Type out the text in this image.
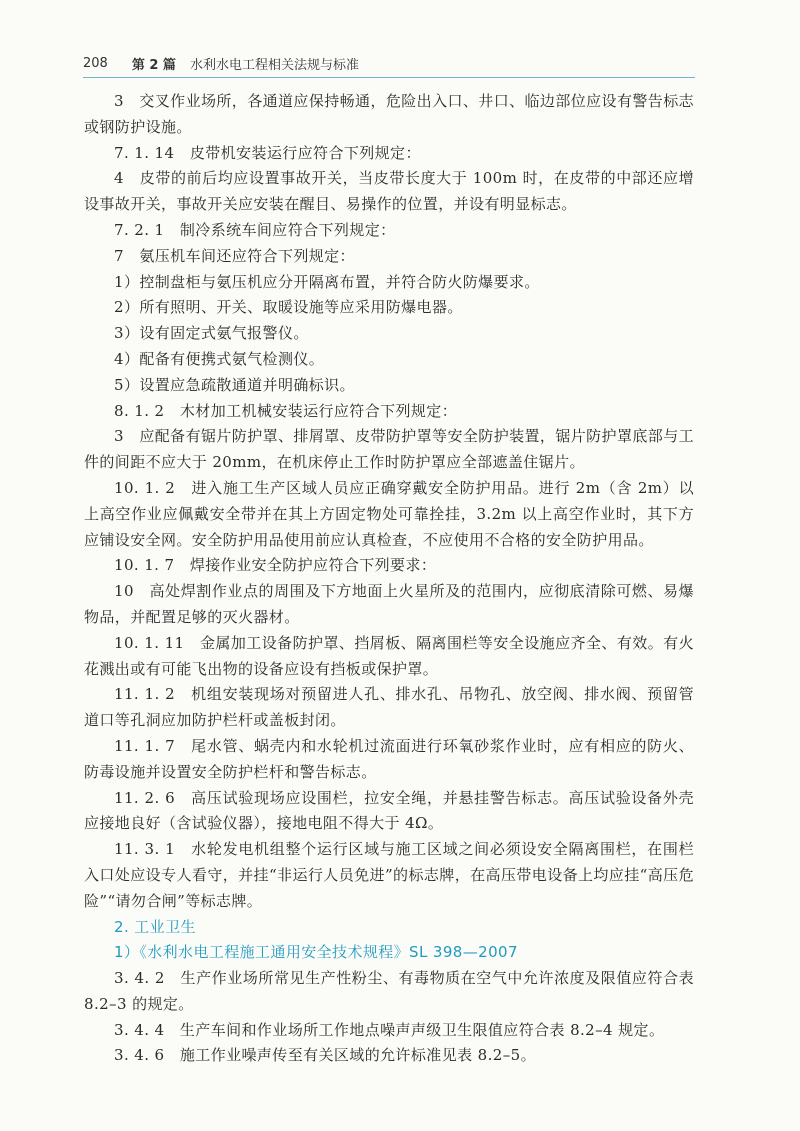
208 第 2 篇 水利水电工程相关法规与标准

3　交叉作业场所，各通道应保持畅通，危险出入口、井口、临边部位应设有警告标志或钢防护设施。

7. 1. 14　皮带机安装运行应符合下列规定：

4　皮带的前后均应设置事故开关，当皮带长度大于 100m 时，在皮带的中部还应增设事故开关，事故开关应安装在醒目、易操作的位置，并设有明显标志。

7. 2. 1　制冷系统车间应符合下列规定：

7　氨压机车间还应符合下列规定：

1）控制盘柜与氨压机应分开隔离布置，并符合防火防爆要求。

2）所有照明、开关、取暖设施等应采用防爆电器。

3）设有固定式氨气报警仪。

4）配备有便携式氨气检测仪。

5）设置应急疏散通道并明确标识。

8. 1. 2　木材加工机械安装运行应符合下列规定：

3　应配备有锯片防护罩、排屑罩、皮带防护罩等安全防护装置，锯片防护罩底部与工件的间距不应大于 20mm，在机床停止工作时防护罩应全部遮盖住锯片。

10. 1. 2　进入施工生产区域人员应正确穿戴安全防护用品。进行 2m（含 2m）以上高空作业应佩戴安全带并在其上方固定物处可靠拴挂，3.2m 以上高空作业时，其下方应铺设安全网。安全防护用品使用前应认真检查，不应使用不合格的安全防护用品。

10. 1. 7　焊接作业安全防护应符合下列要求：

10　高处焊割作业点的周围及下方地面上火星所及的范围内，应彻底清除可燃、易爆物品，并配置足够的灭火器材。

10. 1. 11　金属加工设备防护罩、挡屑板、隔离围栏等安全设施应齐全、有效。有火花溅出或有可能飞出物的设备应设有挡板或保护罩。

11. 1. 2　机组安装现场对预留进人孔、排水孔、吊物孔、放空阀、排水阀、预留管道口等孔洞应加防护栏杆或盖板封闭。

11. 1. 7　尾水管、蜗壳内和水轮机过流面进行环氧砂浆作业时，应有相应的防火、防毒设施并设置安全防护栏杆和警告标志。

11. 2. 6　高压试验现场应设围栏，拉安全绳，并悬挂警告标志。高压试验设备外壳应接地良好（含试验仪器），接地电阻不得大于 4Ω。

11. 3. 1　水轮发电机组整个运行区域与施工区域之间必须设安全隔离围栏，在围栏入口处应设专人看守，并挂“非运行人员免进”的标志牌，在高压带电设备上均应挂“高压危险”“请勿合闸”等标志牌。

2. 工业卫生

1）《水利水电工程施工通用安全技术规程》SL 398—2007

3. 4. 2　生产作业场所常见生产性粉尘、有毒物质在空气中允许浓度及限值应符合表 8.2–3 的规定。

3. 4. 4　生产车间和作业场所工作地点噪声声级卫生限值应符合表 8.2–4 规定。

3. 4. 6　施工作业噪声传至有关区域的允许标准见表 8.2–5。
